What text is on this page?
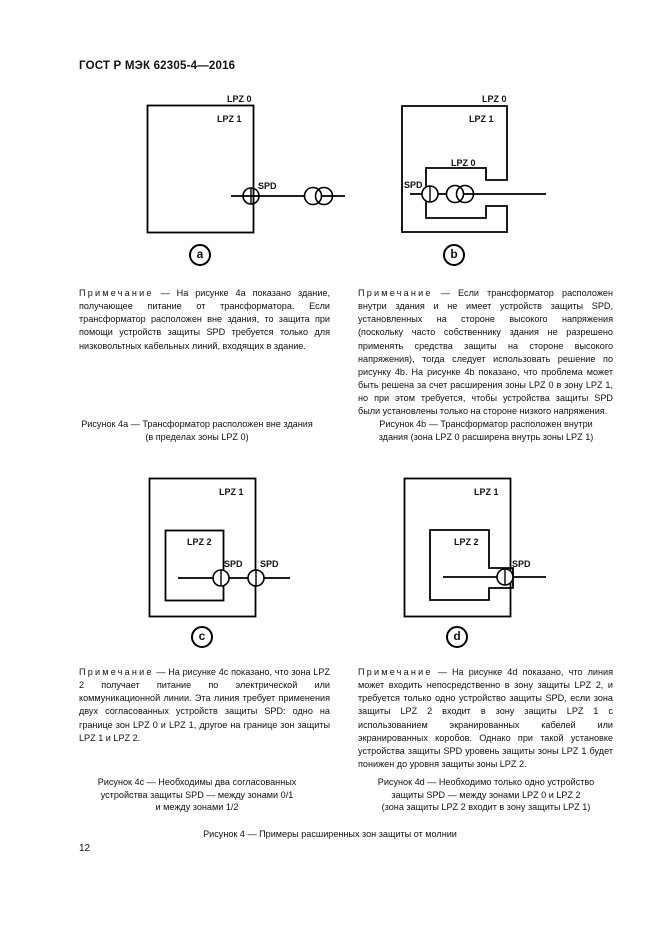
ГОСТ Р МЭК 62305-4—2016
LPZ 0
LPZ 1
SPD
a
Примечание — На рисунке 4a показано здание, получающее питание от трансформатора. Если трансформатор расположен вне здания, то защита при помощи устройств защиты SPD требуется только для низковольтных кабельных линий, входящих в здание.
Рисунок 4a — Трансформатор расположен вне здания
(в пределах зоны LPZ 0)
LPZ 0
LPZ 1
LPZ 0
SPD
b
Примечание — Если трансформатор расположен внутри здания и не имеет устройств защиты SPD, установленных на стороне высокого напряжения (поскольку часто собственнику здания не разрешено применять средства защиты на стороне высокого напряжения), тогда следует использовать решение по рисунку 4b. На рисунке 4b показано, что проблема может быть решена за счет расширения зоны LPZ 0 в зону LPZ 1, но при этом требуется, чтобы устройства защиты SPD были установлены только на стороне низкого напряжения.
Рисунок 4b — Трансформатор расположен внутри
здания (зона LPZ 0 расширена внутрь зоны LPZ 1)
LPZ 1
LPZ 2
SPD SPD
c
Примечание — На рисунке 4c показано, что зона LPZ 2 получает питание по электрической или коммуникационной линии. Эта линия требует применения двух согласованных устройств защиты SPD: одно на границе зон LPZ 0 и LPZ 1, другое на границе зон защиты LPZ 1 и LPZ 2.
Рисунок 4c — Необходимы два согласованных
устройства защиты SPD — между зонами 0/1
и между зонами 1/2
LPZ 1
LPZ 2
SPD
d
Примечание — На рисунке 4d показано, что линия может входить непосредственно в зону защиты LPZ 2, и требуется только одно устройство защиты SPD, если зона защиты LPZ 2 входит в зону защиты LPZ 1 с использованием экранированных кабелей или экранированных коробов. Однако при такой установке устройства защиты SPD уровень защиты зоны LPZ 1 будет понижен до уровня защиты зоны LPZ 2.
Рисунок 4d — Необходимо только одно устройство
защиты SPD — между зонами LPZ 0 и LPZ 2
(зона защиты LPZ 2 входит в зону защиты LPZ 1)
Рисунок 4 — Примеры расширенных зон защиты от молнии
12
